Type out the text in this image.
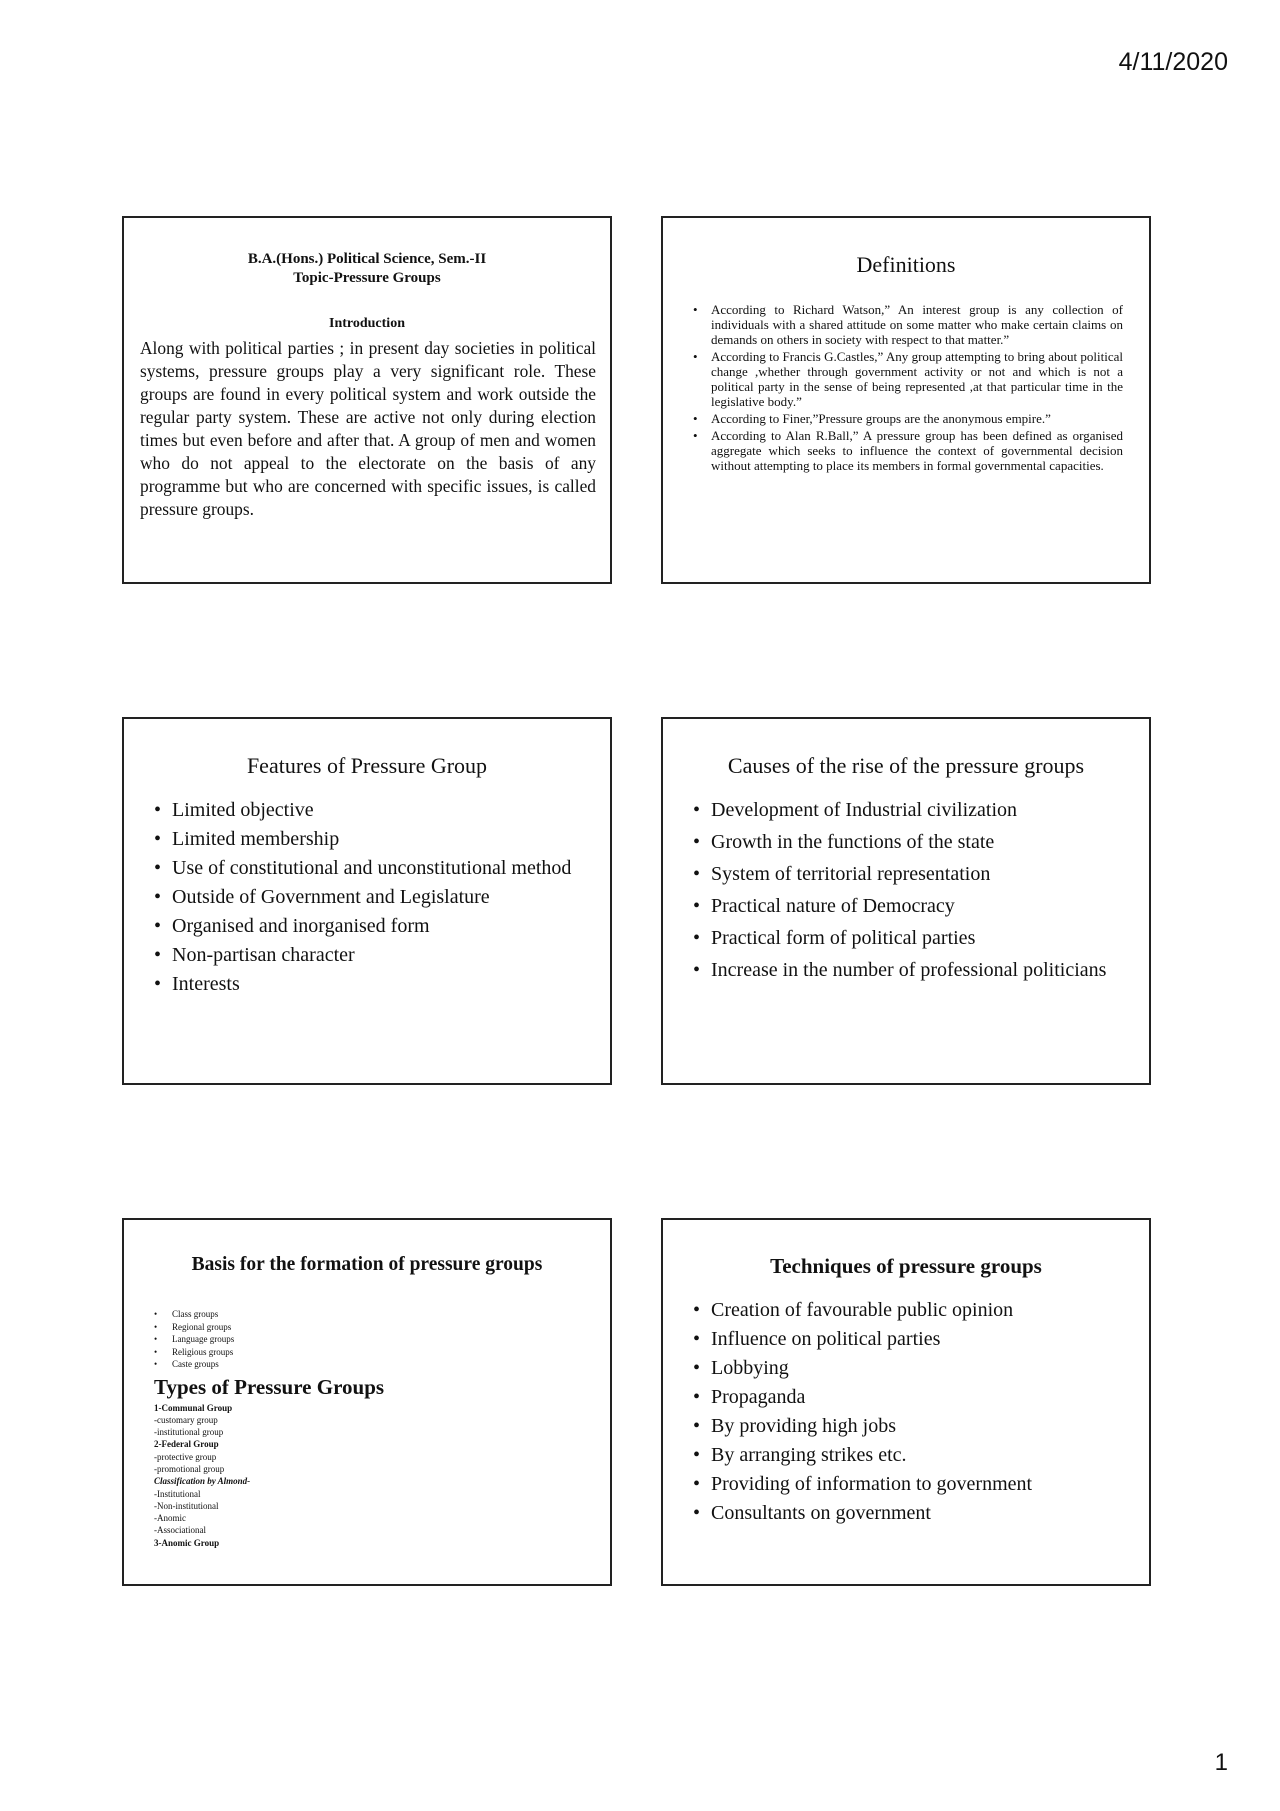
4/11/2020
B.A.(Hons.) Political Science, Sem.-II
Topic-Pressure Groups
Introduction
Along with political parties ; in present day societies in political systems, pressure groups play a very significant role. These groups are found in every political system and work outside the regular party system. These are active not only during election times but even before and after that. A group of men and women who do not appeal to the electorate on the basis of any programme but who are concerned with specific issues, is called pressure groups.
Definitions
• According to Richard Watson,” An interest group is any collection of individuals with a shared attitude on some matter who make certain claims on demands on others in society with respect to that matter.”
• According to Francis G.Castles,” Any group attempting to bring about political change ,whether through government activity or not and which is not a political party in the sense of being represented ,at that particular time in the legislative body.”
• According to Finer,”Pressure groups are the anonymous empire.”
• According to Alan R.Ball,” A pressure group has been defined as organised aggregate which seeks to influence the context of governmental decision without attempting to place its members in formal governmental capacities.
Features of Pressure Group
• Limited objective
• Limited membership
• Use of constitutional and unconstitutional method
• Outside of Government and Legislature
• Organised and inorganised form
• Non-partisan character
• Interests
Causes of the rise of the pressure groups
• Development of Industrial civilization
• Growth in the functions of the state
• System of territorial representation
• Practical nature of Democracy
• Practical form of political parties
• Increase in the number of professional politicians
Basis for the formation of pressure groups
• Class groups
• Regional groups
• Language groups
• Religious groups
• Caste groups
Types of Pressure Groups
1-Communal Group
-customary group
-institutional group
2-Federal Group
-protective group
-promotional group
Classification by Almond-
-Institutional
-Non-institutional
-Anomic
-Associational
3-Anomic Group
Techniques of pressure groups
• Creation of favourable public opinion
• Influence on political parties
• Lobbying
• Propaganda
• By providing high jobs
• By arranging strikes etc.
• Providing of information to government
• Consultants on government
1
